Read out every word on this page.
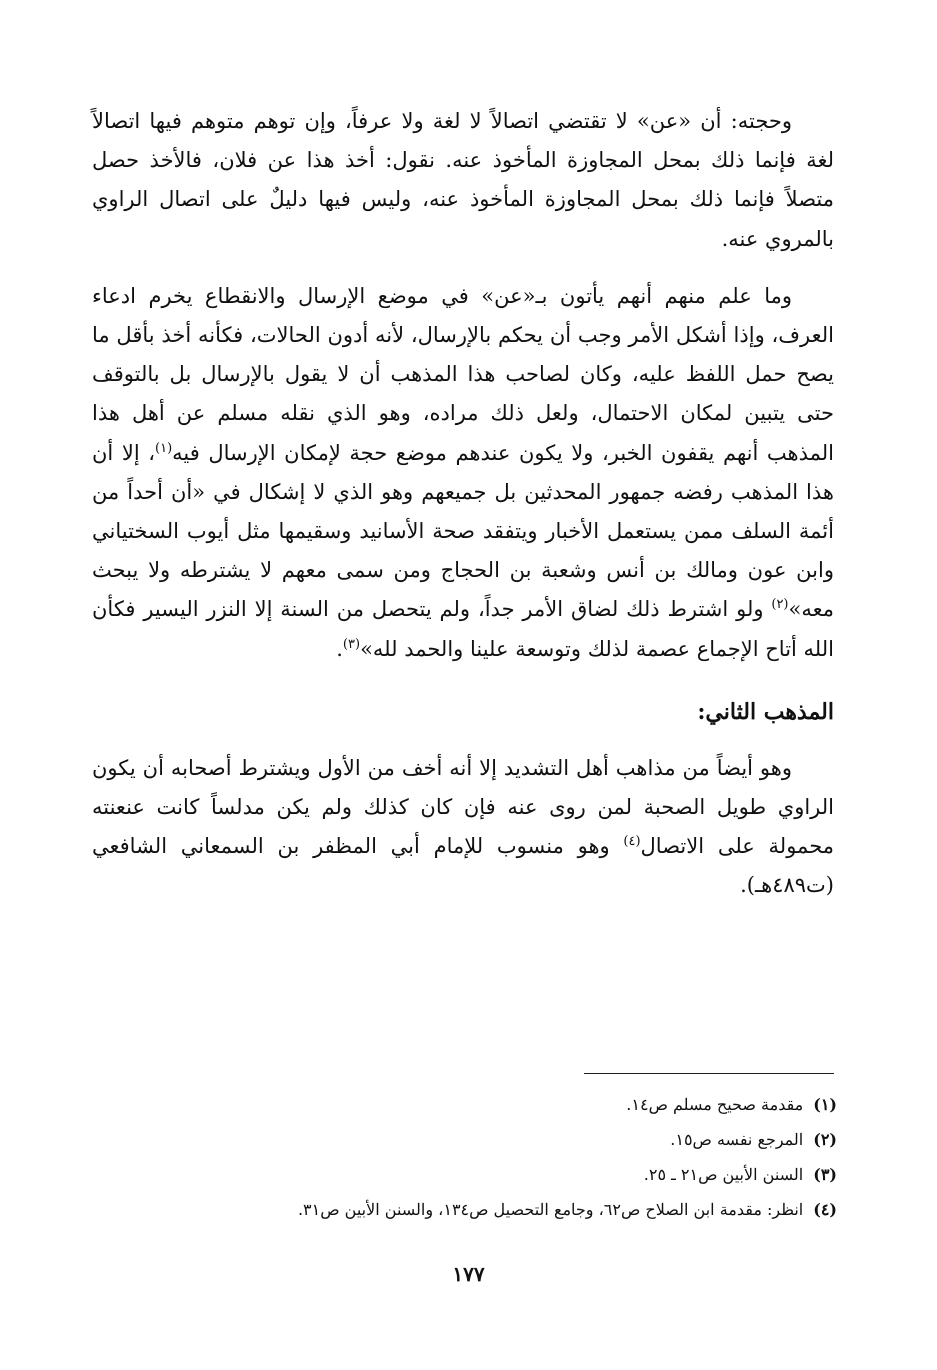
وحجته: أن «عن» لا تقتضي اتصالاً لا لغة ولا عرفاً، وإن توهم متوهم فيها اتصالاً لغة فإنما ذلك بمحل المجاوزة المأخوذ عنه. نقول: أخذ هذا عن فلان، فالأخذ حصل متصلاً فإنما ذلك بمحل المجاوزة المأخوذ عنه، وليس فيها دليلٌ على اتصال الراوي بالمروي عنه.

وما علم منهم أنهم يأتون بـ«عن» في موضع الإرسال والانقطاع يخرم ادعاء العرف، وإذا أشكل الأمر وجب أن يحكم بالإرسال، لأنه أدون الحالات، فكأنه أخذ بأقل ما يصح حمل اللفظ عليه، وكان لصاحب هذا المذهب أن لا يقول بالإرسال بل بالتوقف حتى يتبين لمكان الاحتمال، ولعل ذلك مراده، وهو الذي نقله مسلم عن أهل هذا المذهب أنهم يقفون الخبر، ولا يكون عندهم موضع حجة لإمكان الإرسال فيه$^{(١)}$، إلا أن هذا المذهب رفضه جمهور المحدثين بل جميعهم وهو الذي لا إشكال في «أن أحداً من أئمة السلف ممن يستعمل الأخبار ويتفقد صحة الأسانيد وسقيمها مثل أيوب السختياني وابن عون ومالك بن أنس وشعبة بن الحجاج ومن سمى معهم لا يشترطه ولا يبحث معه»$^{(٢)}$ ولو اشترط ذلك لضاق الأمر جداً، ولم يتحصل من السنة إلا النزر اليسير فكأن الله أتاح الإجماع عصمة لذلك وتوسعة علينا والحمد لله»$^{(٣)}$.

المذهب الثاني:

وهو أيضاً من مذاهب أهل التشديد إلا أنه أخف من الأول ويشترط أصحابه أن يكون الراوي طويل الصحبة لمن روى عنه فإن كان كذلك ولم يكن مدلساً كانت عنعنته محمولة على الاتصال$^{(٤)}$ وهو منسوب للإمام أبي المظفر بن السمعاني الشافعي (ت٤٨٩هـ).

(١)مقدمة صحيح مسلم ص١٤.
(٢)المرجع نفسه ص١٥.
(٣)السنن الأبين ص٢١ ـ ٢٥.
(٤)انظر: مقدمة ابن الصلاح ص٦٢، وجامع التحصيل ص١٣٤، والسنن الأبين ص٣١.
١٧٧
